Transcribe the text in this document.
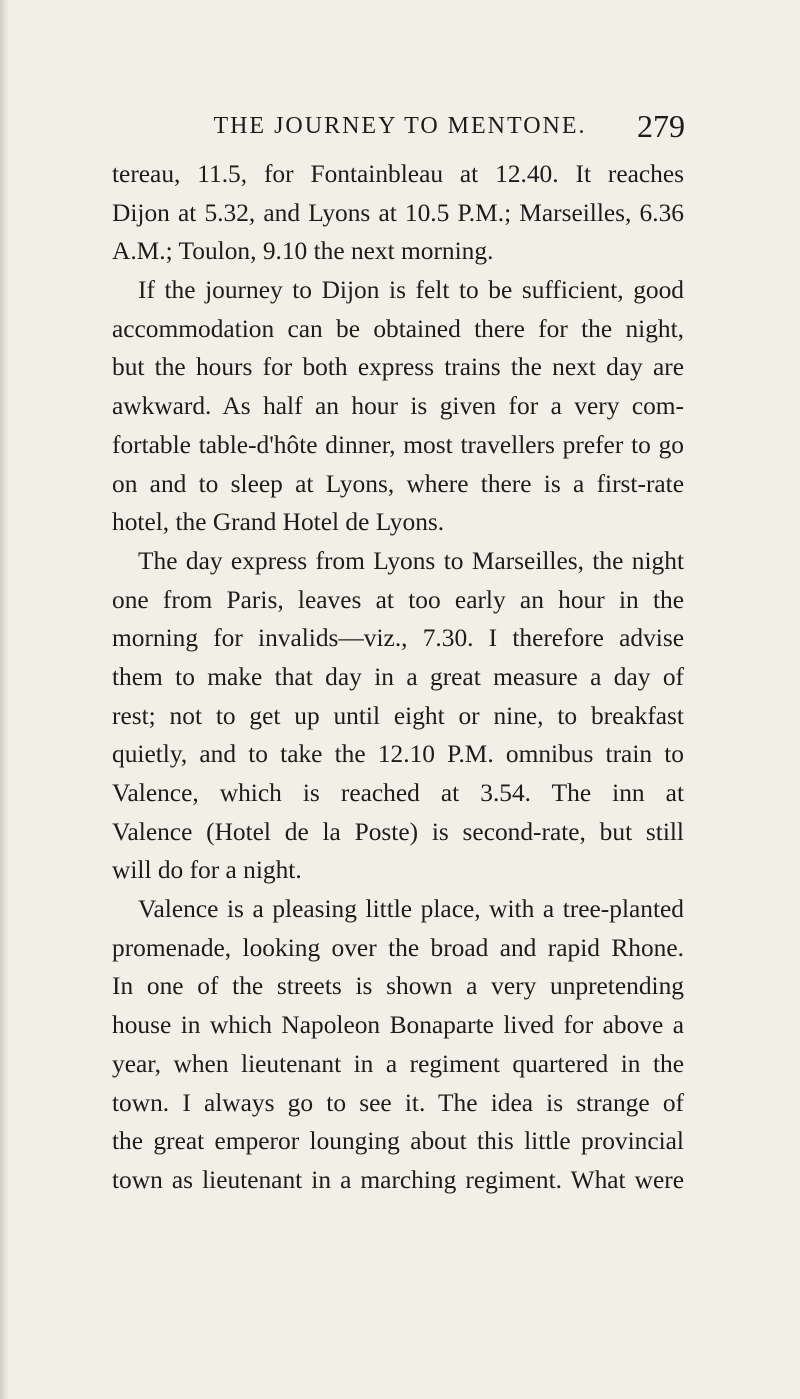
THE JOURNEY TO MENTONE.	279
tereau, 11.5, for Fontainbleau at 12.40. It reaches
Dijon at 5.32, and Lyons at 10.5 P.M.; Marseilles, 6.36
A.M.; Toulon, 9.10 the next morning.
If the journey to Dijon is felt to be sufficient, good
accommodation can be obtained there for the night,
but the hours for both express trains the next day are
awkward. As half an hour is given for a very com-
fortable table-d'hôte dinner, most travellers prefer to go
on and to sleep at Lyons, where there is a first-rate
hotel, the Grand Hotel de Lyons.
The day express from Lyons to Marseilles, the night
one from Paris, leaves at too early an hour in the
morning for invalids—viz., 7.30. I therefore advise
them to make that day in a great measure a day of
rest; not to get up until eight or nine, to breakfast
quietly, and to take the 12.10 P.M. omnibus train to
Valence, which is reached at 3.54. The inn at
Valence (Hotel de la Poste) is second-rate, but still
will do for a night.
Valence is a pleasing little place, with a tree-planted
promenade, looking over the broad and rapid Rhone.
In one of the streets is shown a very unpretending
house in which Napoleon Bonaparte lived for above a
year, when lieutenant in a regiment quartered in the
town. I always go to see it. The idea is strange of
the great emperor lounging about this little provincial
town as lieutenant in a marching regiment. What were
